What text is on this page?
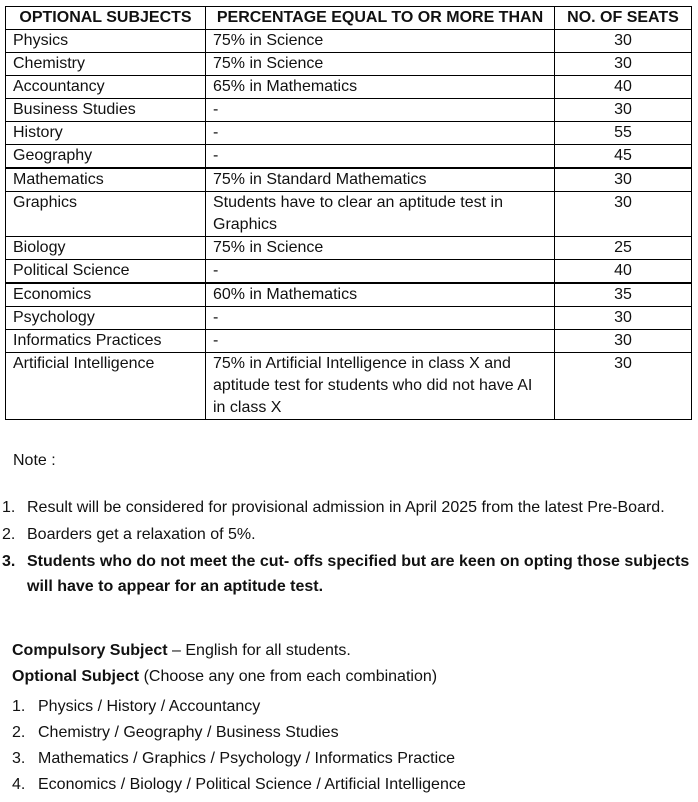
OPTIONAL SUBJECTS	PERCENTAGE EQUAL TO OR MORE THAN	NO. OF SEATS
Physics	75% in Science	30
Chemistry	75% in Science	30
Accountancy	65% in Mathematics	40
Business Studies	-	30
History	-	55
Geography	-	45
Mathematics	75% in Standard Mathematics	30
Graphics	Students have to clear an aptitude test in Graphics	30
Biology	75% in Science	25
Political Science	-	40
Economics	60% in Mathematics	35
Psychology	-	30
Informatics Practices	-	30
Artificial Intelligence	75% in Artificial Intelligence in class X and aptitude test for students who did not have AI in class X	30
Note :
1. Result will be considered for provisional admission in April 2025 from the latest Pre-Board.
2. Boarders get a relaxation of 5%.
3. Students who do not meet the cut- offs specified but are keen on opting those subjects will have to appear for an aptitude test.
Compulsory Subject – English for all students.
Optional Subject (Choose any one from each combination)
1. Physics / History / Accountancy
2. Chemistry / Geography / Business Studies
3. Mathematics / Graphics / Psychology / Informatics Practice
4. Economics / Biology / Political Science / Artificial Intelligence
